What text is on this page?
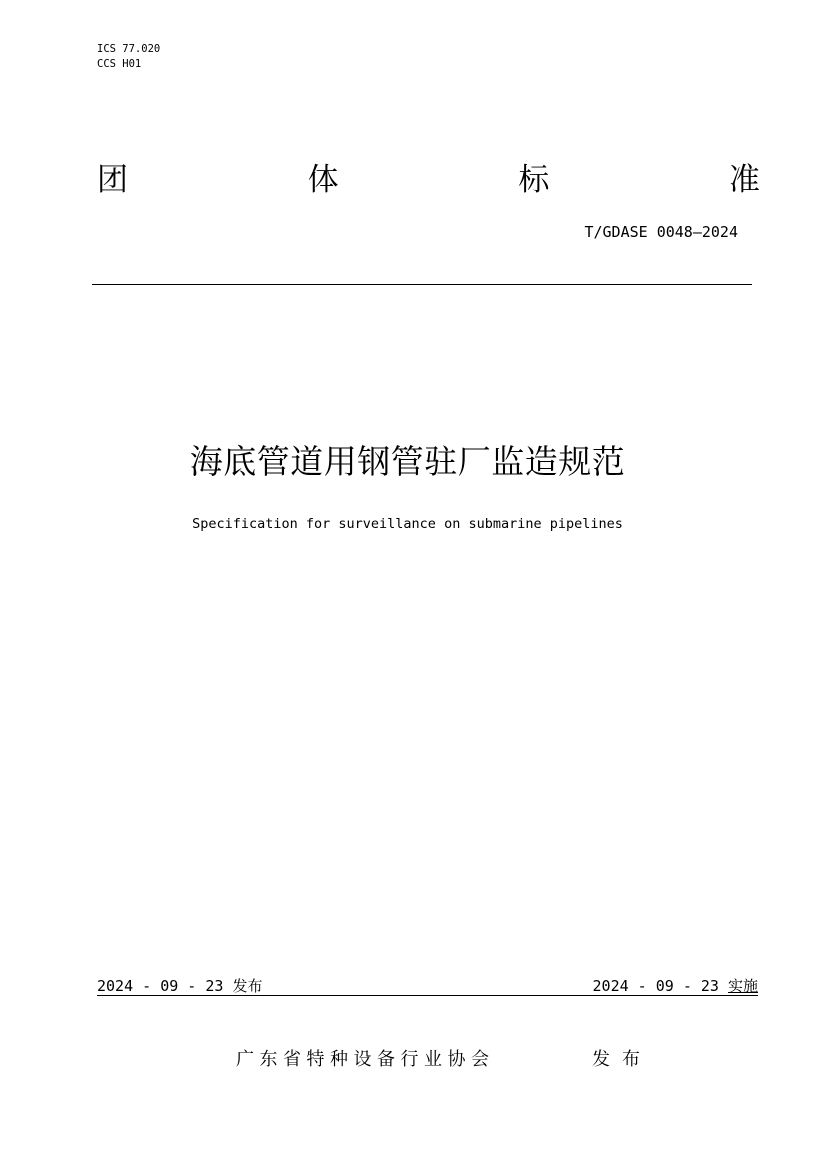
ICS 77.020
CCS H01
团	体	标	准
T/GDASE 0048—2024
海底管道用钢管驻厂监造规范
Specification for surveillance on submarine pipelines
2024 - 09 - 23 发布	2024 - 09 - 23 实施
广东省特种设备行业协会	发布
